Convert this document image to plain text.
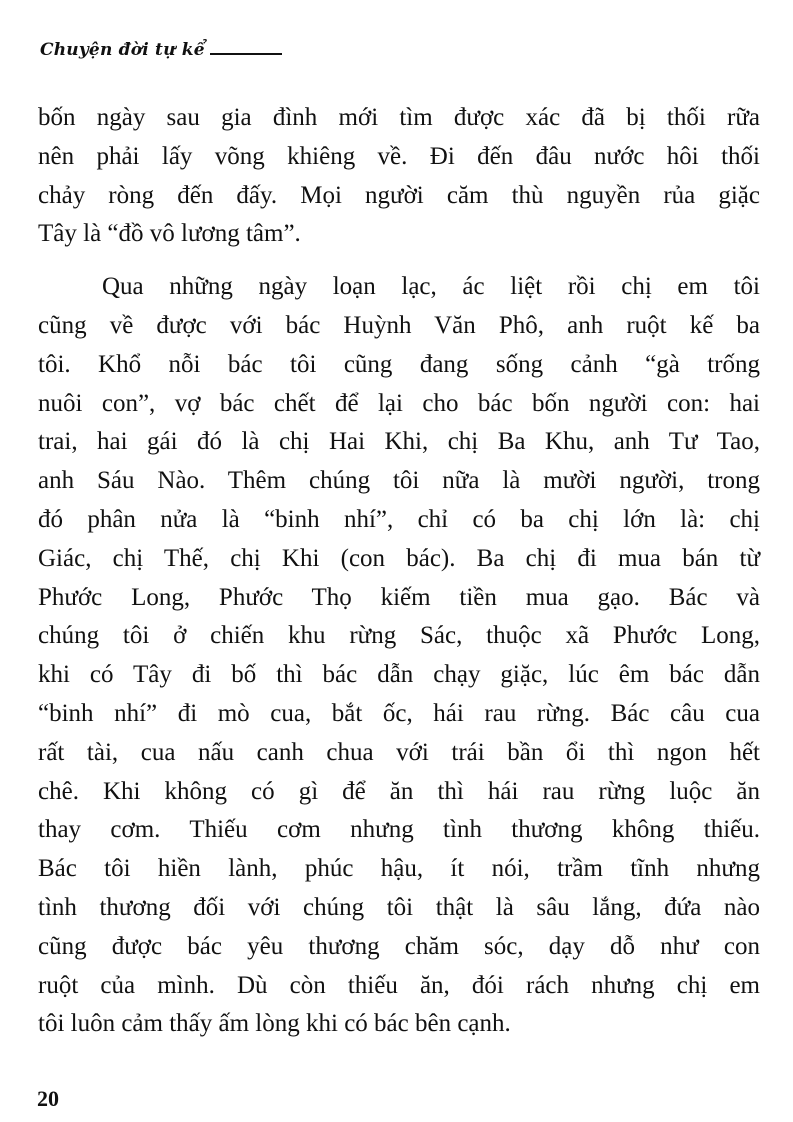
Chuyện đời tự kể
bốn ngày sau gia đình mới tìm được xác đã bị thối rữa
nên phải lấy võng khiêng về. Đi đến đâu nước hôi thối
chảy ròng đến đấy. Mọi người căm thù nguyền rủa giặc
Tây là “đồ vô lương tâm”.
Qua những ngày loạn lạc, ác liệt rồi chị em tôi
cũng về được với bác Huỳnh Văn Phô, anh ruột kế ba
tôi. Khổ nỗi bác tôi cũng đang sống cảnh “gà trống
nuôi con”, vợ bác chết để lại cho bác bốn người con: hai
trai, hai gái đó là chị Hai Khi, chị Ba Khu, anh Tư Tao,
anh Sáu Nào. Thêm chúng tôi nữa là mười người, trong
đó phân nửa là “binh nhí”, chỉ có ba chị lớn là: chị
Giác, chị Thế, chị Khi (con bác). Ba chị đi mua bán từ
Phước Long, Phước Thọ kiếm tiền mua gạo. Bác và
chúng tôi ở chiến khu rừng Sác, thuộc xã Phước Long,
khi có Tây đi bố thì bác dẫn chạy giặc, lúc êm bác dẫn
“binh nhí” đi mò cua, bắt ốc, hái rau rừng. Bác câu cua
rất tài, cua nấu canh chua với trái bần ổi thì ngon hết
chê. Khi không có gì để ăn thì hái rau rừng luộc ăn
thay cơm. Thiếu cơm nhưng tình thương không thiếu.
Bác tôi hiền lành, phúc hậu, ít nói, trầm tĩnh nhưng
tình thương đối với chúng tôi thật là sâu lắng, đứa nào
cũng được bác yêu thương chăm sóc, dạy dỗ như con
ruột của mình. Dù còn thiếu ăn, đói rách nhưng chị em
tôi luôn cảm thấy ấm lòng khi có bác bên cạnh.
20
